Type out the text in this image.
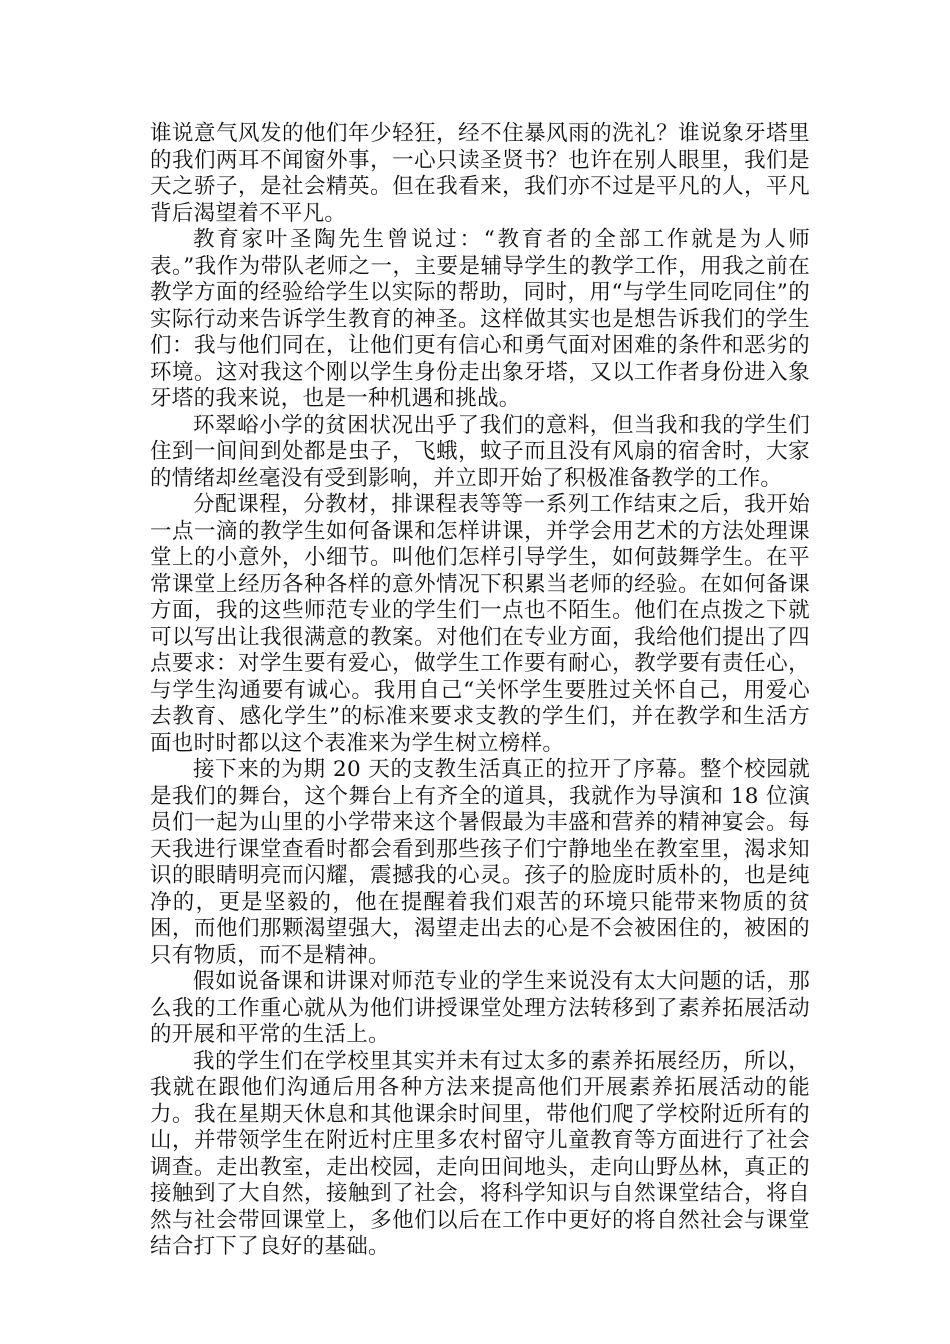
谁说意气风发的他们年少轻狂，经不住暴风雨的洗礼？谁说象牙塔里的我们两耳不闻窗外事，一心只读圣贤书？也许在别人眼里，我们是天之骄子，是社会精英。但在我看来，我们亦不过是平凡的人，平凡背后渴望着不平凡。

教育家叶圣陶先生曾说过：“教育者的全部工作就是为人师表。”我作为带队老师之一，主要是辅导学生的教学工作，用我之前在教学方面的经验给学生以实际的帮助，同时，用“与学生同吃同住”的实际行动来告诉学生教育的神圣。这样做其实也是想告诉我们的学生们：我与他们同在，让他们更有信心和勇气面对困难的条件和恶劣的环境。这对我这个刚以学生身份走出象牙塔，又以工作者身份进入象牙塔的我来说，也是一种机遇和挑战。

环翠峪小学的贫困状况出乎了我们的意料，但当我和我的学生们住到一间间到处都是虫子，飞蛾，蚊子而且没有风扇的宿舍时，大家的情绪却丝毫没有受到影响，并立即开始了积极准备教学的工作。

分配课程，分教材，排课程表等等一系列工作结束之后，我开始一点一滴的教学生如何备课和怎样讲课，并学会用艺术的方法处理课堂上的小意外，小细节。叫他们怎样引导学生，如何鼓舞学生。在平常课堂上经历各种各样的意外情况下积累当老师的经验。在如何备课方面，我的这些师范专业的学生们一点也不陌生。他们在点拨之下就可以写出让我很满意的教案。对他们在专业方面，我给他们提出了四点要求：对学生要有爱心，做学生工作要有耐心，教学要有责任心，与学生沟通要有诚心。我用自己“关怀学生要胜过关怀自己，用爱心去教育、感化学生”的标准来要求支教的学生们，并在教学和生活方面也时时都以这个表准来为学生树立榜样。

接下来的为期 20 天的支教生活真正的拉开了序幕。整个校园就是我们的舞台，这个舞台上有齐全的道具，我就作为导演和 18 位演员们一起为山里的小学带来这个暑假最为丰盛和营养的精神宴会。每天我进行课堂查看时都会看到那些孩子们宁静地坐在教室里，渴求知识的眼睛明亮而闪耀，震撼我的心灵。孩子的脸庞时质朴的，也是纯净的，更是坚毅的，他在提醒着我们艰苦的环境只能带来物质的贫困，而他们那颗渴望强大，渴望走出去的心是不会被困住的，被困的只有物质，而不是精神。

假如说备课和讲课对师范专业的学生来说没有太大问题的话，那么我的工作重心就从为他们讲授课堂处理方法转移到了素养拓展活动的开展和平常的生活上。

我的学生们在学校里其实并未有过太多的素养拓展经历，所以，我就在跟他们沟通后用各种方法来提高他们开展素养拓展活动的能力。我在星期天休息和其他课余时间里，带他们爬了学校附近所有的山，并带领学生在附近村庄里多农村留守儿童教育等方面进行了社会调查。走出教室，走出校园，走向田间地头，走向山野丛林，真正的接触到了大自然，接触到了社会，将科学知识与自然课堂结合，将自然与社会带回课堂上，多他们以后在工作中更好的将自然社会与课堂结合打下了良好的基础。
